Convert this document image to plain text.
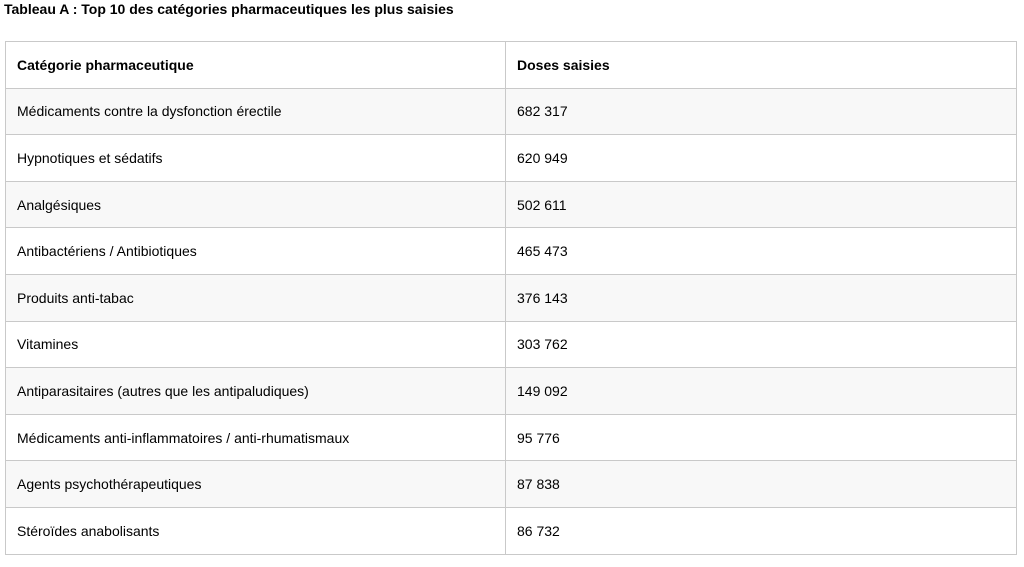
Tableau A : Top 10 des catégories pharmaceutiques les plus saisies
Catégorie pharmaceutique	Doses saisies
Médicaments contre la dysfonction érectile	682 317
Hypnotiques et sédatifs	620 949
Analgésiques	502 611
Antibactériens / Antibiotiques	465 473
Produits anti-tabac	376 143
Vitamines	303 762
Antiparasitaires (autres que les antipaludiques)	149 092
Médicaments anti-inflammatoires / anti-rhumatismaux	95 776
Agents psychothérapeutiques	87 838
Stéroïdes anabolisants	86 732
